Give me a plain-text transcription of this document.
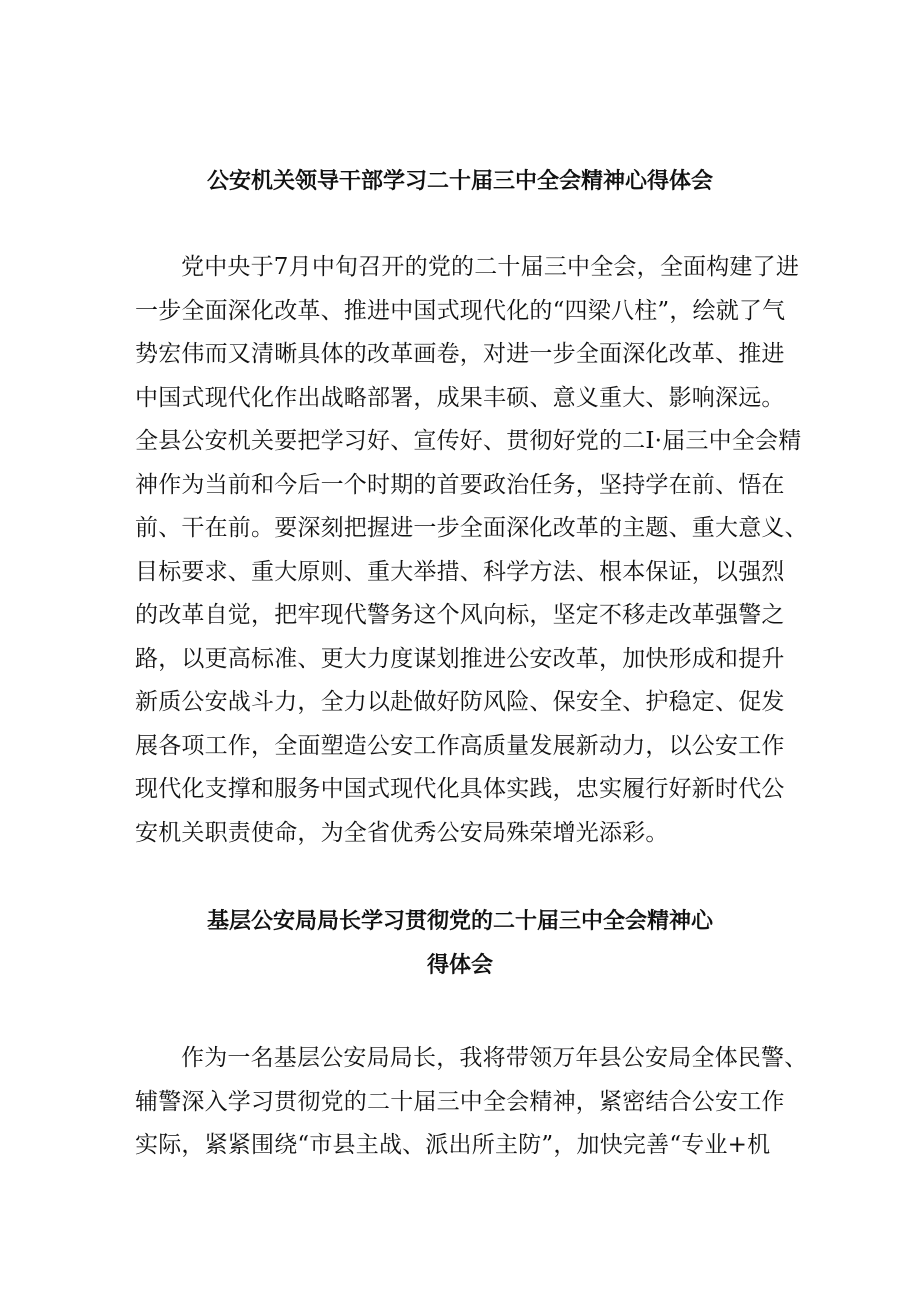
公安机关领导干部学习二十届三中全会精神心得体会
党中央于7月中旬召开的党的二十届三中全会，全面构建了进
一步全面深化改革、推进中国式现代化的“四梁八柱”，绘就了气
势宏伟而又清晰具体的改革画卷，对进一步全面深化改革、推进
中国式现代化作出战略部署，成果丰硕、意义重大、影响深远。
全县公安机关要把学习好、宣传好、贯彻好党的二I·届三中全会精
神作为当前和今后一个时期的首要政治任务，坚持学在前、悟在
前、干在前。要深刻把握进一步全面深化改革的主题、重大意义、
目标要求、重大原则、重大举措、科学方法、根本保证，以强烈
的改革自觉，把牢现代警务这个风向标，坚定不移走改革强警之
路，以更高标准、更大力度谋划推进公安改革，加快形成和提升
新质公安战斗力，全力以赴做好防风险、保安全、护稳定、促发
展各项工作，全面塑造公安工作高质量发展新动力，以公安工作
现代化支撑和服务中国式现代化具体实践，忠实履行好新时代公
安机关职责使命，为全省优秀公安局殊荣增光添彩。
基层公安局局长学习贯彻党的二十届三中全会精神心
得体会
作为一名基层公安局局长，我将带领万年县公安局全体民警、
辅警深入学习贯彻党的二十届三中全会精神，紧密结合公安工作
实际，紧紧围绕“市县主战、派出所主防”，加快完善“专业+机
